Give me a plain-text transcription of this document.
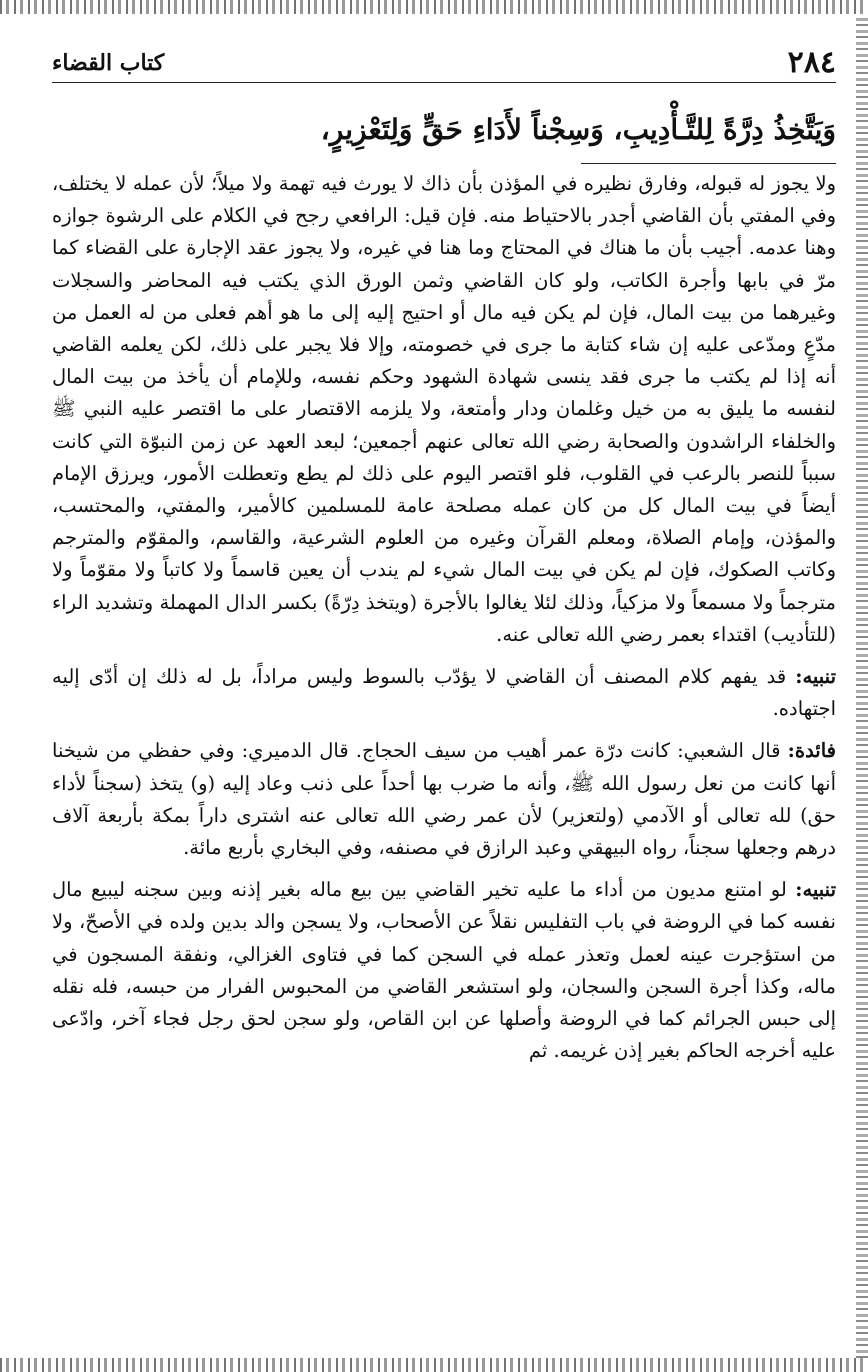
٢٨٤
كتاب القضاء
وَيَتَّخِذُ دِرَّةً لِلتَّـأْدِيبِ، وَسِجْناً لأَدَاءِ حَقٍّ وَلِتَعْزِيرٍ،

ولا يجوز له قبوله، وفارق نظيره في المؤذن بأن ذاك لا يورث فيه تهمة ولا ميلاً؛ لأن عمله لا يختلف، وفي المفتي بأن القاضي أجدر بالاحتياط منه. فإن قيل: الرافعي رجح في الكلام على الرشوة جوازه وهنا عدمه. أجيب بأن ما هناك في المحتاج وما هنا في غيره، ولا يجوز عقد الإجارة على القضاء كما مرّ في بابها وأجرة الكاتب، ولو كان القاضي وثمن الورق الذي يكتب فيه المحاضر والسجلات وغيرهما من بيت المال، فإن لم يكن فيه مال أو احتيج إليه إلى ما هو أهم فعلى من له العمل من مدّعٍ ومدّعى عليه إن شاء كتابة ما جرى في خصومته، وإلا فلا يجبر على ذلك، لكن يعلمه القاضي أنه إذا لم يكتب ما جرى فقد ينسى شهادة الشهود وحكم نفسه، وللإمام أن يأخذ من بيت المال لنفسه ما يليق به من خيل وغلمان ودار وأمتعة، ولا يلزمه الاقتصار على ما اقتصر عليه النبي ﷺ والخلفاء الراشدون والصحابة رضي الله تعالى عنهم أجمعين؛ لبعد العهد عن زمن النبوّة التي كانت سبباً للنصر بالرعب في القلوب، فلو اقتصر اليوم على ذلك لم يطع وتعطلت الأمور، ويرزق الإمام أيضاً في بيت المال كل من كان عمله مصلحة عامة للمسلمين كالأمير، والمفتي، والمحتسب، والمؤذن، وإمام الصلاة، ومعلم القرآن وغيره من العلوم الشرعية، والقاسم، والمقوّم والمترجم وكاتب الصكوك، فإن لم يكن في بيت المال شيء لم يندب أن يعين قاسماً ولا كاتباً ولا مقوّماً ولا مترجماً ولا مسمعاً ولا مزكياً، وذلك لئلا يغالوا بالأجرة (ويتخذ دِرّةً) بكسر الدال المهملة وتشديد الراء (للتأديب) اقتداء بعمر رضي الله تعالى عنه.

تنبيه: قد يفهم كلام المصنف أن القاضي لا يؤدّب بالسوط وليس مراداً، بل له ذلك إن أدّى إليه اجتهاده.

فائدة: قال الشعبي: كانت درّة عمر أهيب من سيف الحجاج. قال الدميري: وفي حفظي من شيخنا أنها كانت من نعل رسول الله ﷺ، وأنه ما ضرب بها أحداً على ذنب وعاد إليه (و) يتخذ (سجناً لأداء حق) لله تعالى أو الآدمي (ولتعزير) لأن عمر رضي الله تعالى عنه اشترى داراً بمكة بأربعة آلاف درهم وجعلها سجناً، رواه البيهقي وعبد الرازق في مصنفه، وفي البخاري بأربع مائة.

تنبيه: لو امتنع مديون من أداء ما عليه تخير القاضي بين بيع ماله بغير إذنه وبين سجنه ليبيع مال نفسه كما في الروضة في باب التفليس نقلاً عن الأصحاب، ولا يسجن والد بدين ولده في الأصحّ، ولا من استؤجرت عينه لعمل وتعذر عمله في السجن كما في فتاوى الغزالي، ونفقة المسجون في ماله، وكذا أجرة السجن والسجان، ولو استشعر القاضي من المحبوس الفرار من حبسه، فله نقله إلى حبس الجرائم كما في الروضة وأصلها عن ابن القاص، ولو سجن لحق رجل فجاء آخر، وادّعى عليه أخرجه الحاكم بغير إذن غريمه. ثم
